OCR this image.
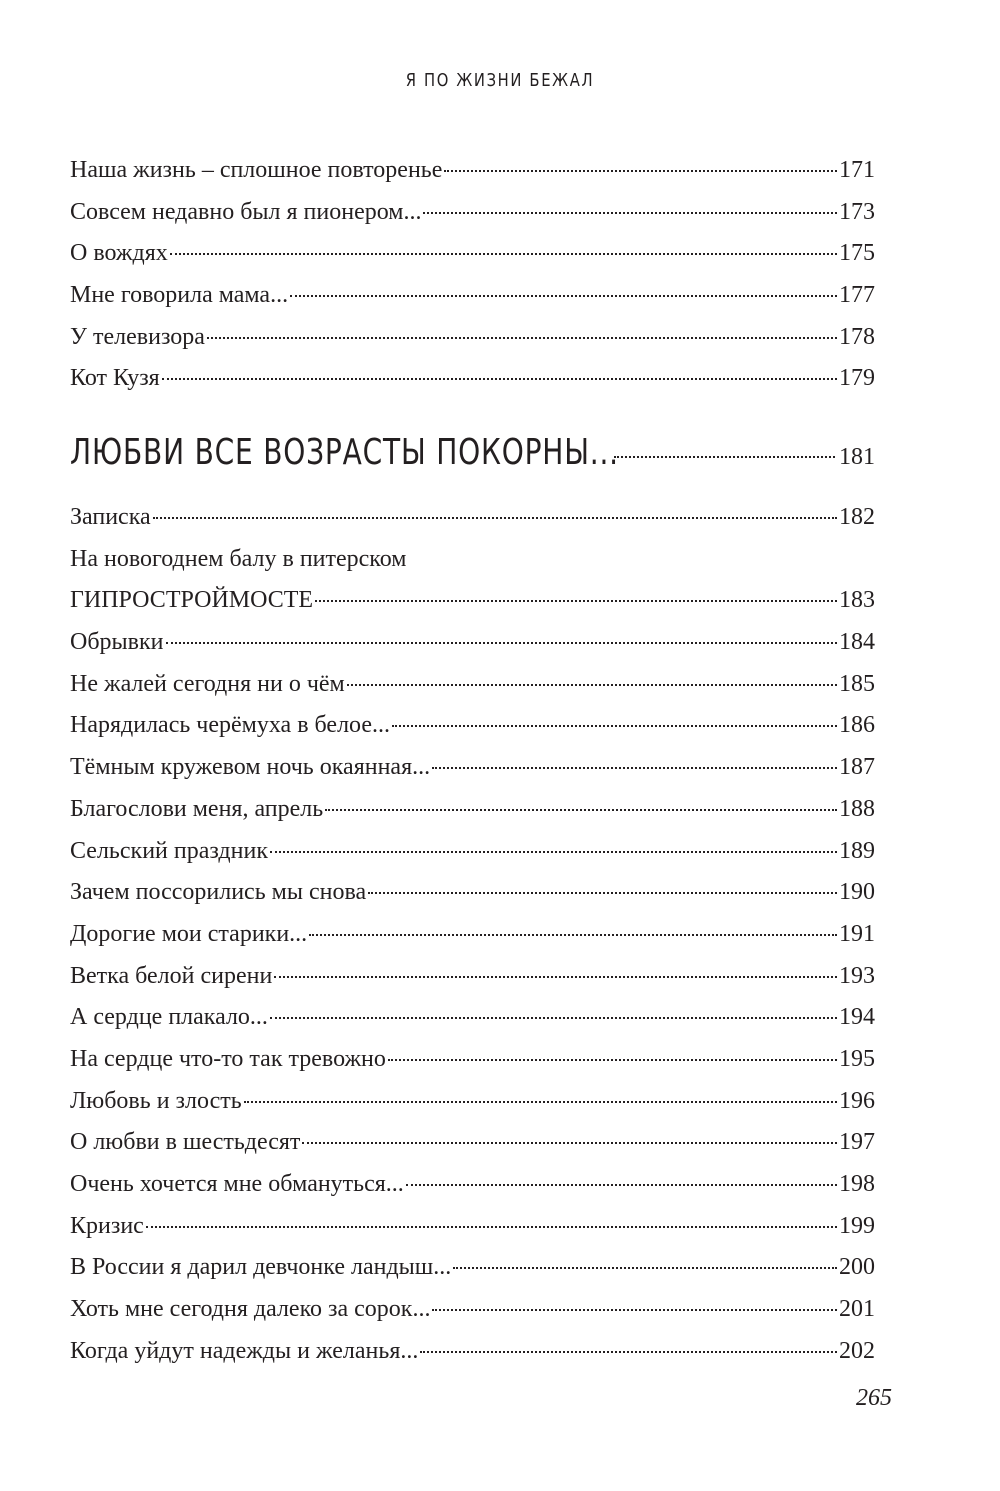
Я ПО ЖИЗНИ БЕЖАЛ
Наша жизнь – сплошное повторенье	171
Совсем недавно был я пионером...	173
О вождях	175
Мне говорила мама...	177
У телевизора	178
Кот Кузя	179
ЛЮБВИ ВСЕ ВОЗРАСТЫ ПОКОРНЫ...	181
Записка	182
На новогоднем балу в питерском
ГИПРОСТРОЙМОСТЕ	183
Обрывки	184
Не жалей сегодня ни о чём	185
Нарядилась черёмуха в белое...	186
Тёмным кружевом ночь окаянная...	187
Благослови меня, апрель	188
Сельский праздник	189
Зачем поссорились мы снова	190
Дорогие мои старики...	191
Ветка белой сирени	193
А сердце плакало...	194
На сердце что-то так тревожно	195
Любовь и злость	196
О любви в шестьдесят	197
Очень хочется мне обмануться...	198
Кризис	199
В России я дарил девчонке ландыш...	200
Хоть мне сегодня далеко за сорок...	201
Когда уйдут надежды и желанья...	202
265
